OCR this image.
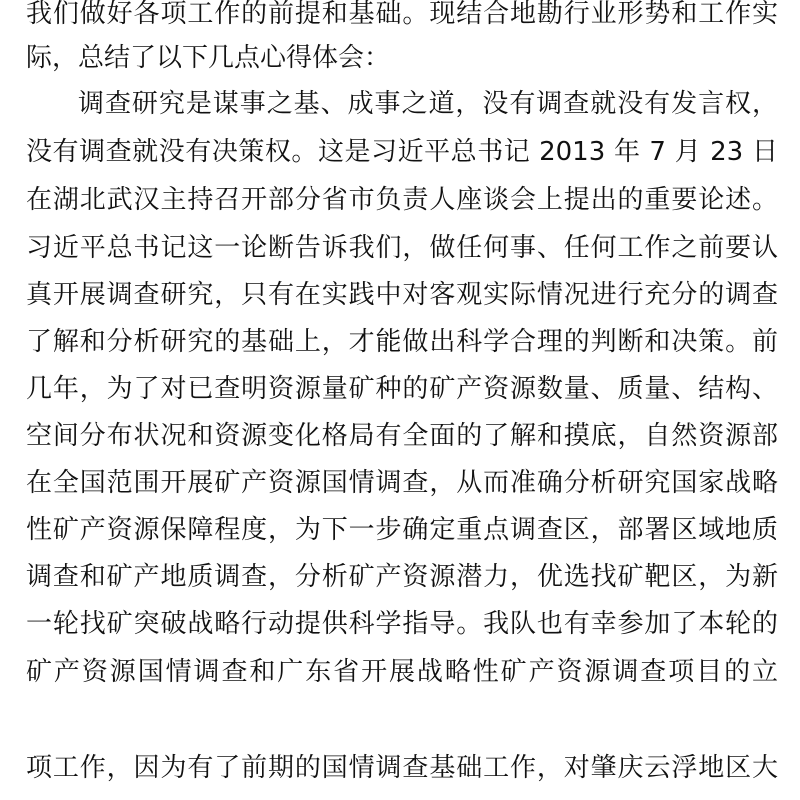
我们做好各项工作的前提和基础。现结合地勘行业形势和工作实
际，总结了以下几点心得体会：
调查研究是谋事之基、成事之道，没有调查就没有发言权，
没有调查就没有决策权。这是习近平总书记 2013 年 7 月 23 日
在湖北武汉主持召开部分省市负责人座谈会上提出的重要论述。
习近平总书记这一论断告诉我们，做任何事、任何工作之前要认
真开展调查研究，只有在实践中对客观实际情况进行充分的调查
了解和分析研究的基础上，才能做出科学合理的判断和决策。前
几年，为了对已查明资源量矿种的矿产资源数量、质量、结构、
空间分布状况和资源变化格局有全面的了解和摸底，自然资源部
在全国范围开展矿产资源国情调查，从而准确分析研究国家战略
性矿产资源保障程度，为下一步确定重点调查区，部署区域地质
调查和矿产地质调查，分析矿产资源潜力，优选找矿靶区，为新
一轮找矿突破战略行动提供科学指导。我队也有幸参加了本轮的
矿产资源国情调查和广东省开展战略性矿产资源调查项目的立
项工作，因为有了前期的国情调查基础工作，对肇庆云浮地区大
